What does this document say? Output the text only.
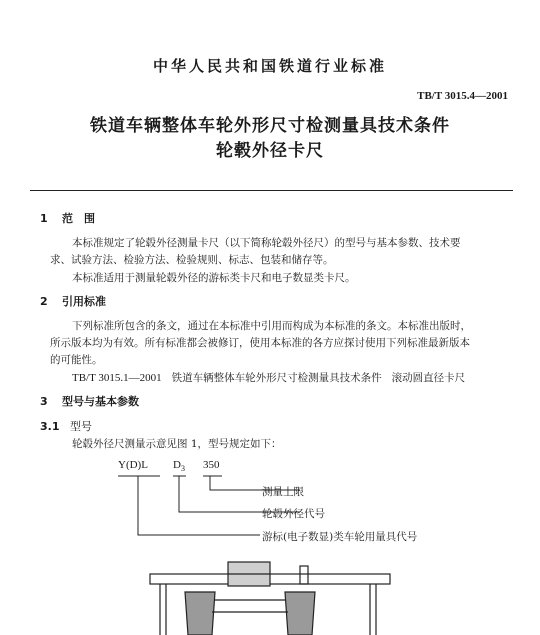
中华人民共和国铁道行业标准
TB/T 3015.4—2001
铁道车辆整体车轮外形尺寸检测量具技术条件
轮毂外径卡尺
1 范　围
本标准规定了轮毂外径测量卡尺（以下简称轮毂外径尺）的型号与基本参数、技术要
求、试验方法、检验方法、检验规则、标志、包装和储存等。
本标准适用于测量轮毂外径的游标类卡尺和电子数显类卡尺。
2 引用标准
下列标准所包含的条文，通过在本标准中引用而构成为本标准的条文。本标准出版时，
所示版本均为有效。所有标准都会被修订，使用本标准的各方应探讨使用下列标准最新版本
的可能性。
TB/T 3015.1—2001 铁道车辆整体车轮外形尺寸检测量具技术条件 滚动圆直径卡尺
3 型号与基本参数
3.1 型号
轮毂外径尺测量示意见图 1，型号规定如下：
Y(D)L $D_3$ 350
测量上限
轮毂外径代号
游标(电子数显)类车轮用量具代号
